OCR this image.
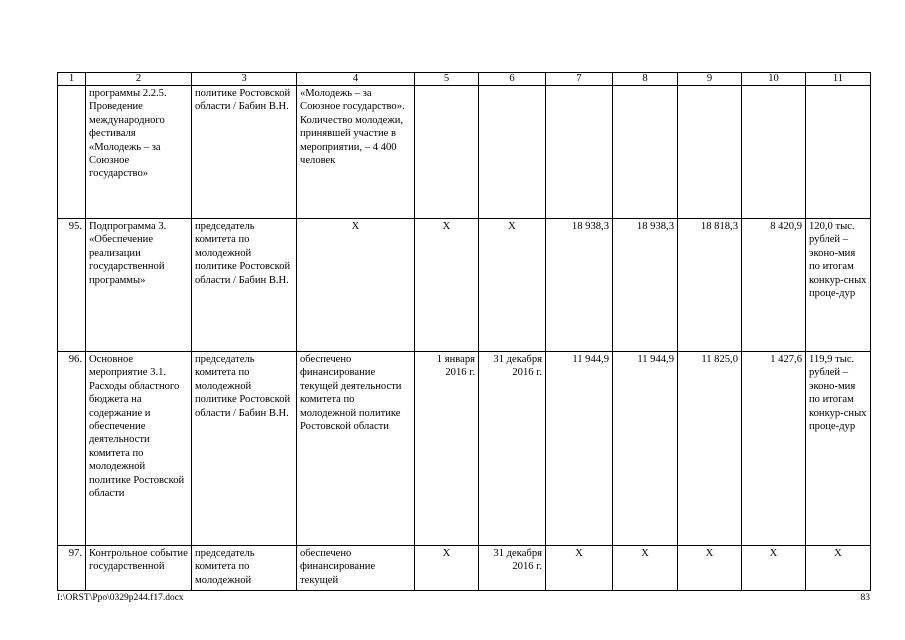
1	2	3	4	5	6	7	8	9	10	11
	программы 2.2.5. Проведение международного фестиваля «Молодежь – за Союзное государство»	политике Ростовской области / Бабин В.Н.	«Молодежь – за Союзное государство». Количество молодежи, принявшей участие в мероприятии, – 4 400 человек							
95.	Подпрограмма 3. «Обеспечение реализации государственной программы»	председатель комитета по молодежной политике Ростовской области / Бабин В.Н.	Х	Х	Х	18 938,3	18 938,3	18 818,3	8 420,9	120,0 тыс. рублей – эконо-мия по итогам конкур-сных проце-дур
96.	Основное мероприятие 3.1. Расходы областного бюджета на содержание и обеспечение деятельности комитета по молодежной политике Ростовской области	председатель комитета по молодежной политике Ростовской области / Бабин В.Н.	обеспечено финансирование текущей деятельности комитета по молодежной политике Ростовской области	1 января 2016 г.	31 декабря 2016 г.	11 944,9	11 944,9	11 825,0	1 427,6	119,9 тыс. рублей – эконо-мия по итогам конкур-сных проце-дур
97.	Контрольное событие государственной	председатель комитета по молодежной	обеспечено финансирование текущей	Х	31 декабря 2016 г.	Х	Х	Х	Х	Х
I:\ORST\Ppo\0329p244.f17.docx	83
